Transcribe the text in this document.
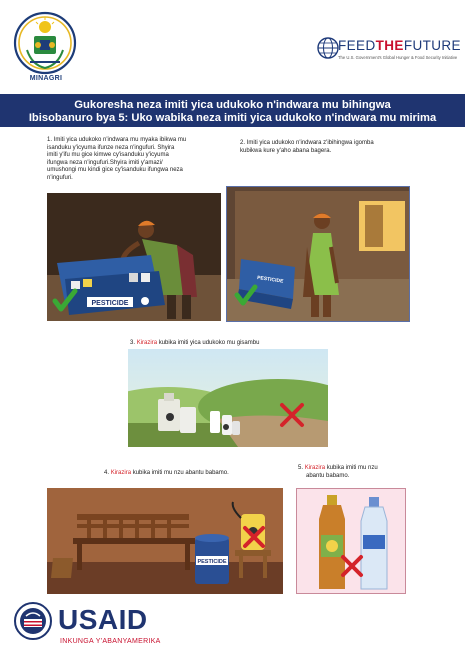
MINAGRI
FEEDTHEFUTURE
The U.S. Government's Global Hunger & Food Security Initiative
Gukoresha neza imiti yica udukoko n'indwara mu bihingwa
Ibisobanuro bya 5: Uko wabika neza imiti yica udukoko n'indwara mu mirima
1. Imiti yica udukoko n'indwara mu myaka ibikwa mu
isanduku y'icyuma ifunze neza n'ingufuri. Shyira
imiti y'ifu mu gice kimwe cy'isanduku y'icyuma
ifungwa neza n'ingufuri.Shyira imiti y'amazi/
umushongi mu kindi gice cy'isanduku ifungwa neza
n'ingufuri.
PESTICIDE
2. Imiti yica udukoko n'indwara z'ibihingwa igomba
kubikwa kure y'aho abana bagera.
PESTICIDE
3. Kirazira kubika imiti yica udukoko mu gisambu
4. Kirazira kubika imiti mu nzu abantu babamo.
PESTICIDE
5. Kirazira kubika imiti mu nzu
abantu babamo.
USAID
INKUNGA Y'ABANYAMERIKA
